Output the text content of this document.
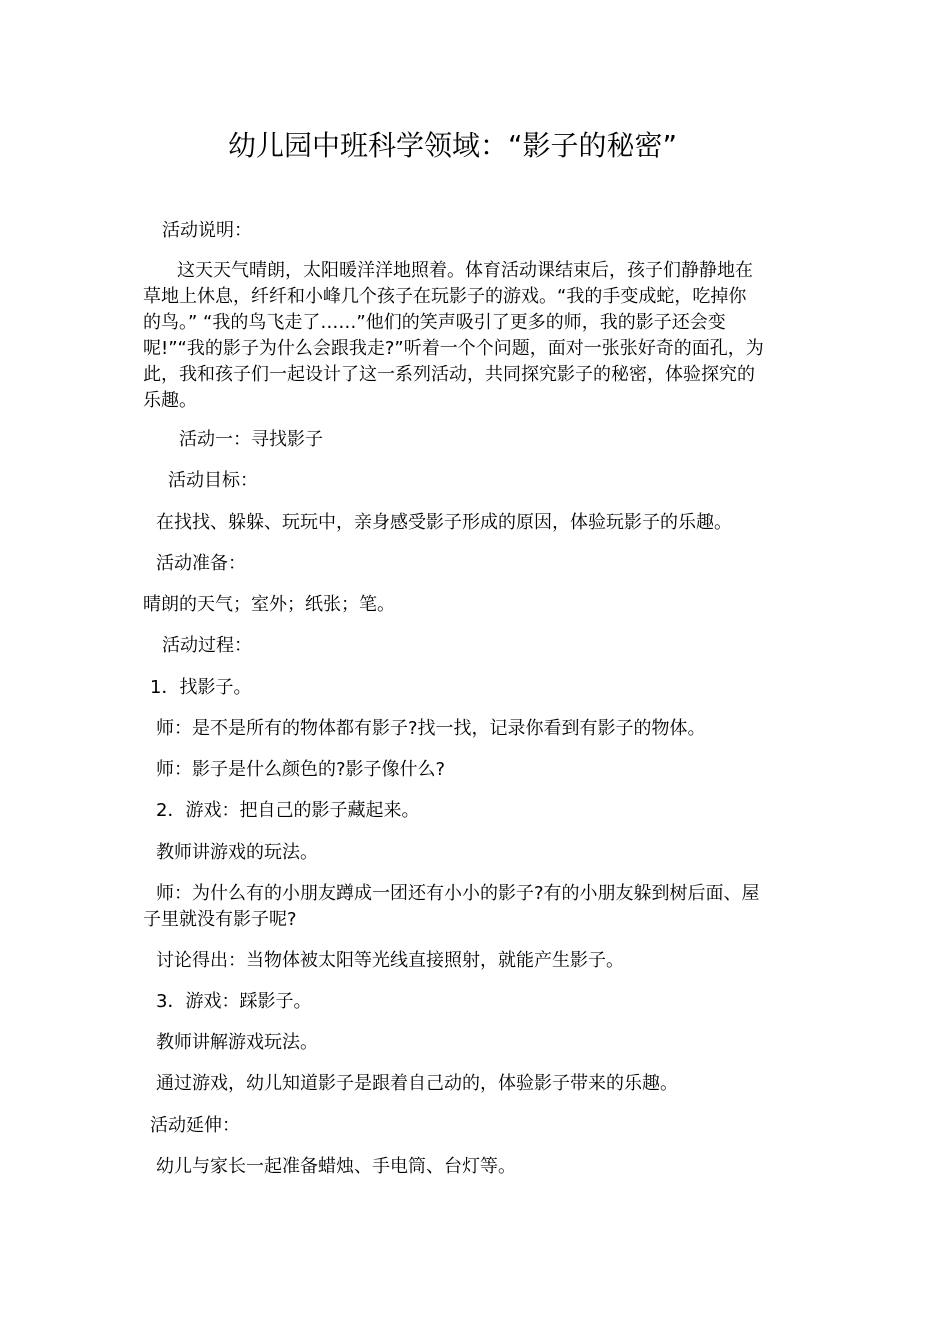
幼儿园中班科学领域：“影子的秘密”
活动说明：
这天天气晴朗，太阳暖洋洋地照着。体育活动课结束后，孩子们静静地在
草地上休息，纤纤和小峰几个孩子在玩影子的游戏。“我的手变成蛇，吃掉你
的鸟。” “我的鸟飞走了……”他们的笑声吸引了更多的师，我的影子还会变
呢!”“我的影子为什么会跟我走?”听着一个个问题，面对一张张好奇的面孔，为
此，我和孩子们一起设计了这一系列活动，共同探究影子的秘密，体验探究的
乐趣。
活动一：寻找影子
活动目标：
在找找、躲躲、玩玩中，亲身感受影子形成的原因，体验玩影子的乐趣。
活动准备：
晴朗的天气；室外；纸张；笔。
活动过程：
1．找影子。
师：是不是所有的物体都有影子?找一找，记录你看到有影子的物体。
师：影子是什么颜色的?影子像什么?
2．游戏：把自己的影子藏起来。
教师讲游戏的玩法。
师：为什么有的小朋友蹲成一团还有小小的影子?有的小朋友躲到树后面、屋
子里就没有影子呢?
讨论得出：当物体被太阳等光线直接照射，就能产生影子。
3．游戏：踩影子。
教师讲解游戏玩法。
通过游戏，幼儿知道影子是跟着自己动的，体验影子带来的乐趣。
活动延伸：
幼儿与家长一起准备蜡烛、手电筒、台灯等。
